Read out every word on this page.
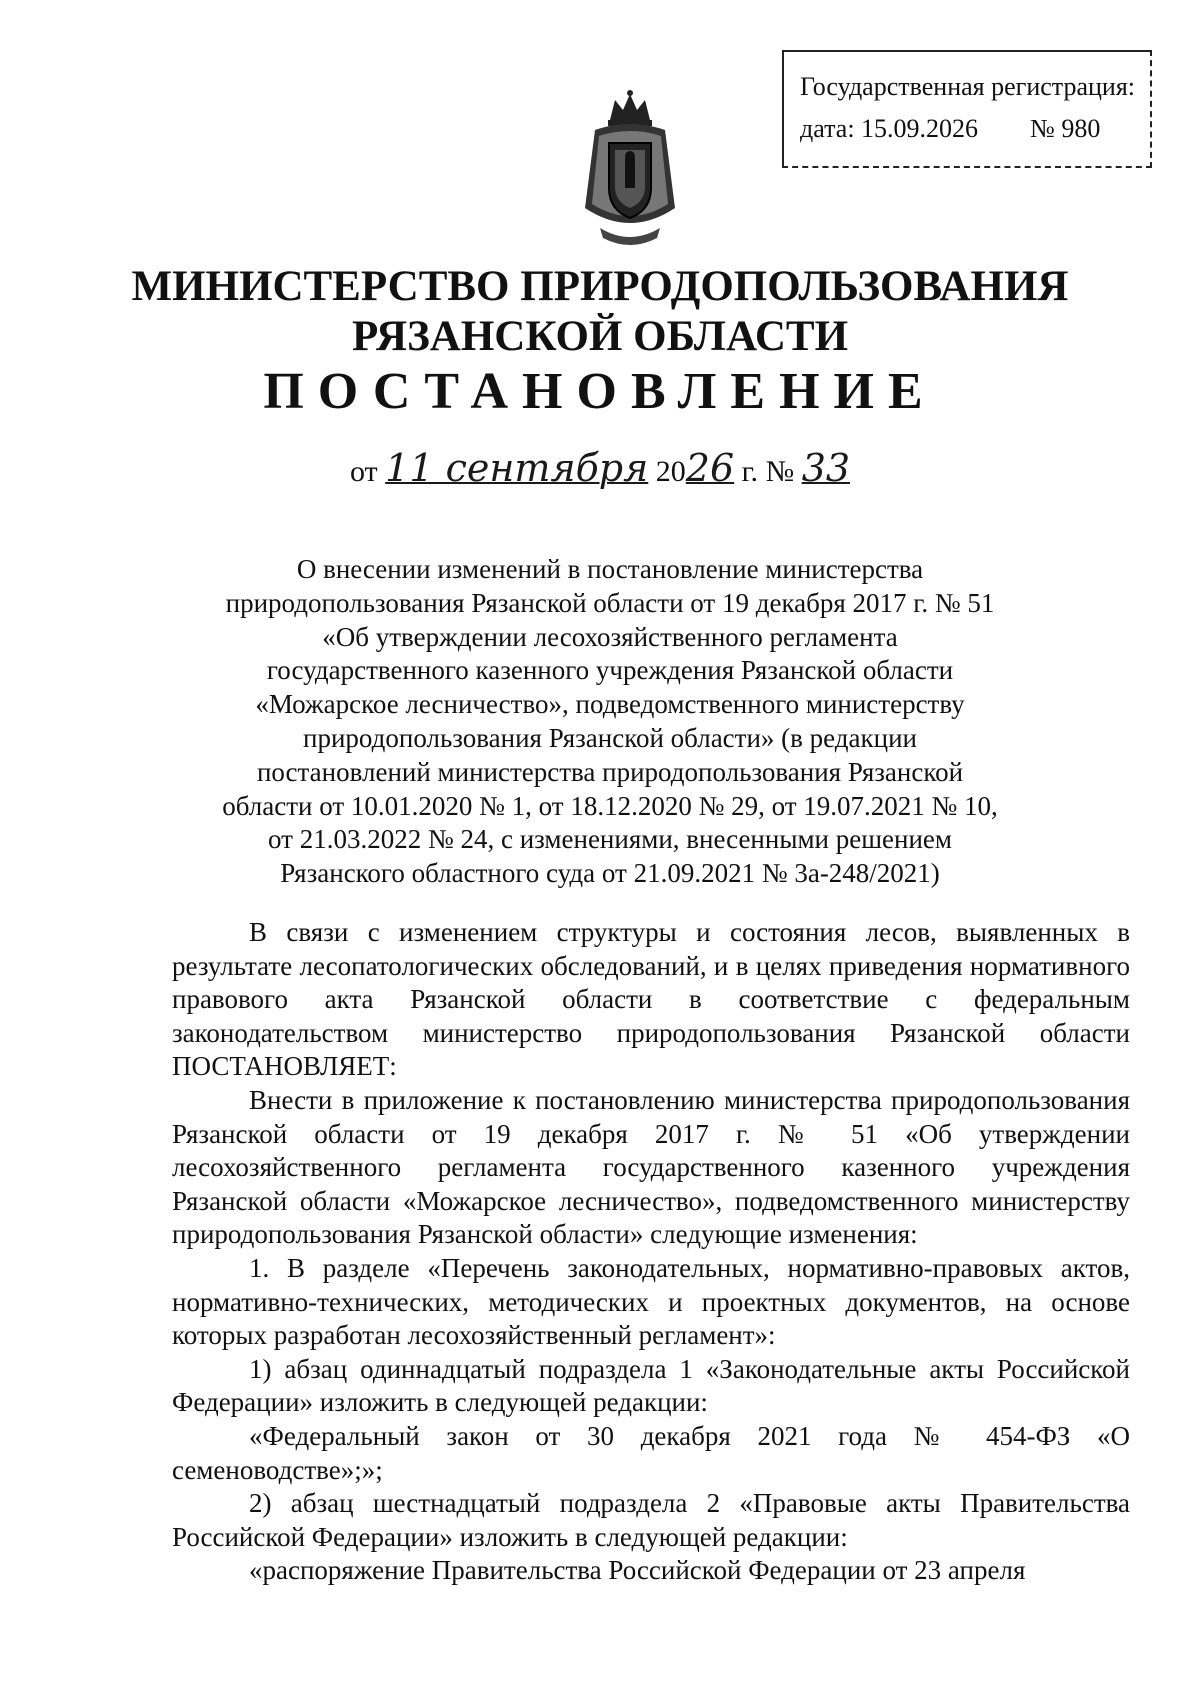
Государственная регистрация:
дата: 15.09.2026 № 980
МИНИСТЕРСТВО ПРИРОДОПОЛЬЗОВАНИЯ
РЯЗАНСКОЙ ОБЛАСТИ
ПОСТАНОВЛЕНИЕ
от 11 сентября 2026 г. № 33
О внесении изменений в постановление министерства природопользования Рязанской области от 19 декабря 2017 г. № 51 «Об утверждении лесохозяйственного регламента государственного казенного учреждения Рязанской области «Можарское лесничество», подведомственного министерству природопользования Рязанской области» (в редакции постановлений министерства природопользования Рязанской области от 10.01.2020 № 1, от 18.12.2020 № 29, от 19.07.2021 № 10, от 21.03.2022 № 24, с изменениями, внесенными решением Рязанского областного суда от 21.09.2021 № 3а-248/2021)

В связи с изменением структуры и состояния лесов, выявленных в результате лесопатологических обследований, и в целях приведения нормативного правового акта Рязанской области в соответствие с федеральным законодательством министерство природопользования Рязанской области ПОСТАНОВЛЯЕТ:

Внести в приложение к постановлению министерства природопользования Рязанской области от 19 декабря 2017 г. № 51 «Об утверждении лесохозяйственного регламента государственного казенного учреждения Рязанской области «Можарское лесничество», подведомственного министерству природопользования Рязанской области» следующие изменения:

1. В разделе «Перечень законодательных, нормативно-правовых актов, нормативно-технических, методических и проектных документов, на основе которых разработан лесохозяйственный регламент»:

1) абзац одиннадцатый подраздела 1 «Законодательные акты Российской Федерации» изложить в следующей редакции:

«Федеральный закон от 30 декабря 2021 года № 454-ФЗ «О семеноводстве»;»;

2) абзац шестнадцатый подраздела 2 «Правовые акты Правительства Российской Федерации» изложить в следующей редакции:

«распоряжение Правительства Российской Федерации от 23 апреля
